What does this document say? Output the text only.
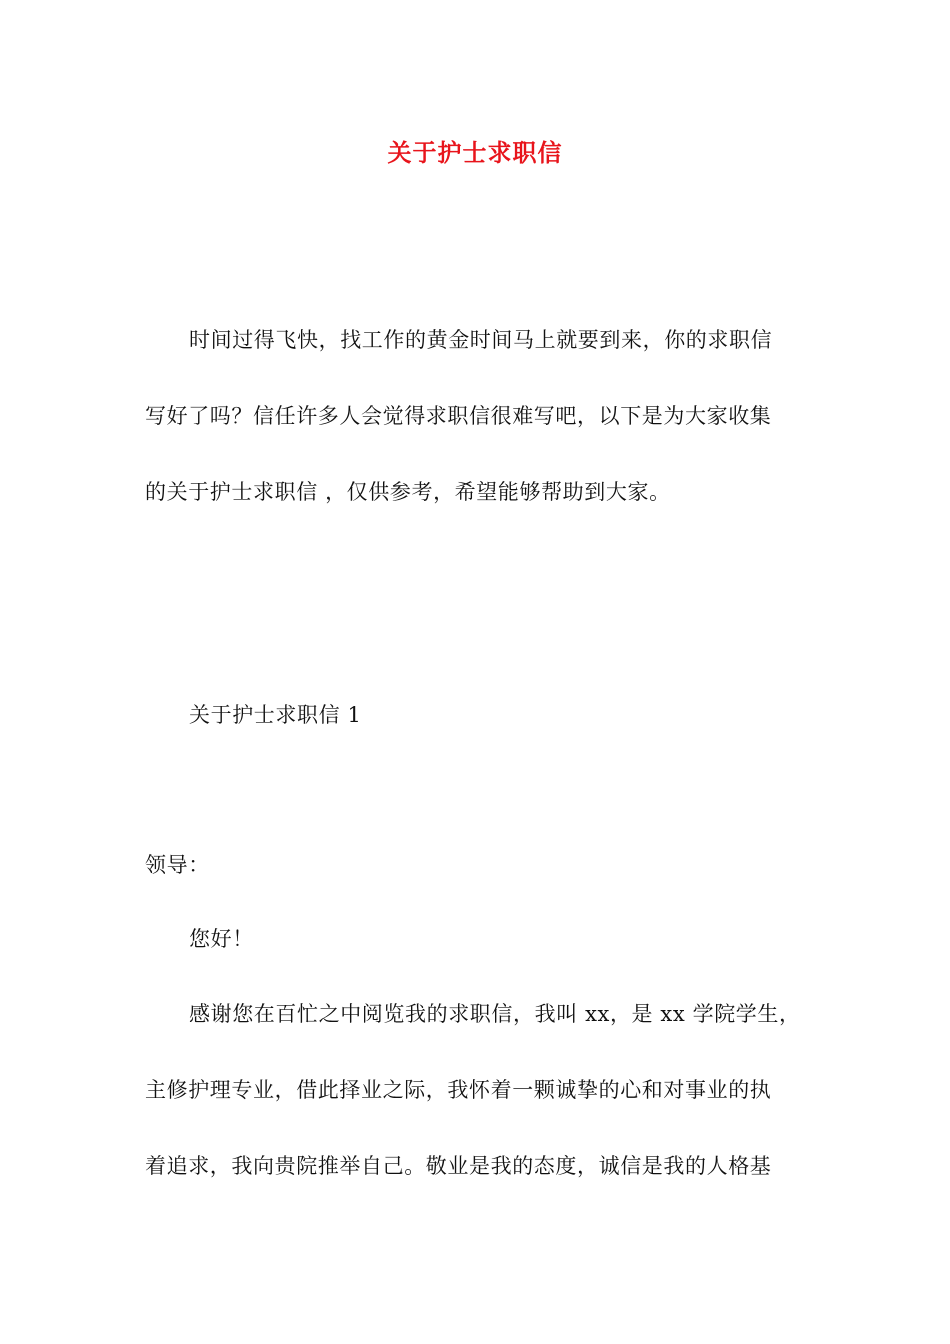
关于护士求职信
时间过得飞快，找工作的黄金时间马上就要到来，你的求职信
写好了吗？信任许多人会觉得求职信很难写吧，以下是为大家收集
的关于护士求职信 ，仅供参考，希望能够帮助到大家。
关于护士求职信 1
领导：
您好！
感谢您在百忙之中阅览我的求职信，我叫 xx，是 xx 学院学生，
主修护理专业，借此择业之际，我怀着一颗诚挚的心和对事业的执
着追求，我向贵院推举自己。敬业是我的态度，诚信是我的人格基
